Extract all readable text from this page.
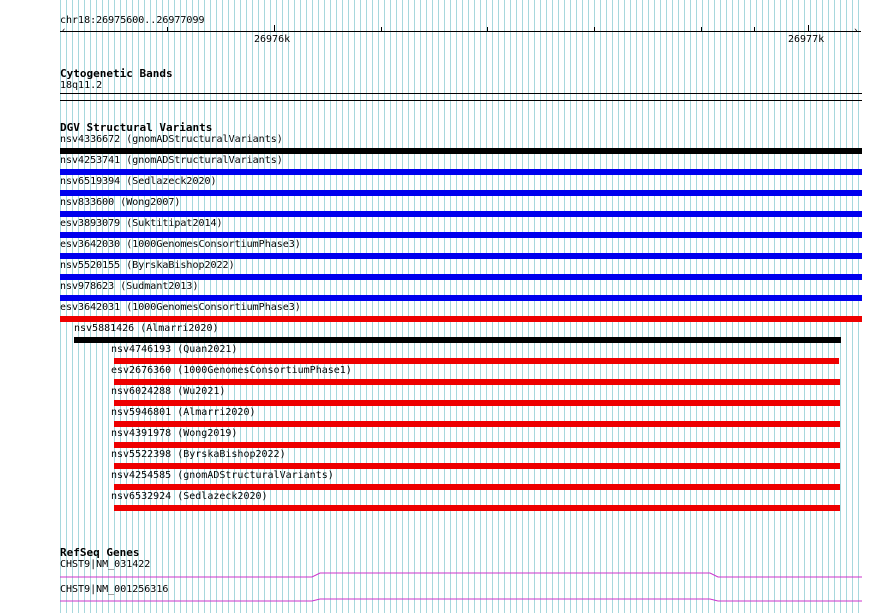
chr18:26975600..26977099
‹	›
26976k	26977k
Cytogenetic Bands
18q11.2
DGV Structural Variants
nsv4336672 (gnomADStructuralVariants)
nsv4253741 (gnomADStructuralVariants)
nsv6519394 (Sedlazeck2020)
nsv833600 (Wong2007)
esv3893079 (Suktitipat2014)
esv3642030 (1000GenomesConsortiumPhase3)
nsv5520155 (ByrskaBishop2022)
nsv978623 (Sudmant2013)
esv3642031 (1000GenomesConsortiumPhase3)
nsv5881426 (Almarri2020)
nsv4746193 (Quan2021)
esv2676360 (1000GenomesConsortiumPhase1)
nsv6024288 (Wu2021)
nsv5946801 (Almarri2020)
nsv4391978 (Wong2019)
nsv5522398 (ByrskaBishop2022)
nsv4254585 (gnomADStructuralVariants)
nsv6532924 (Sedlazeck2020)
RefSeq Genes
CHST9|NM_031422
CHST9|NM_001256316
